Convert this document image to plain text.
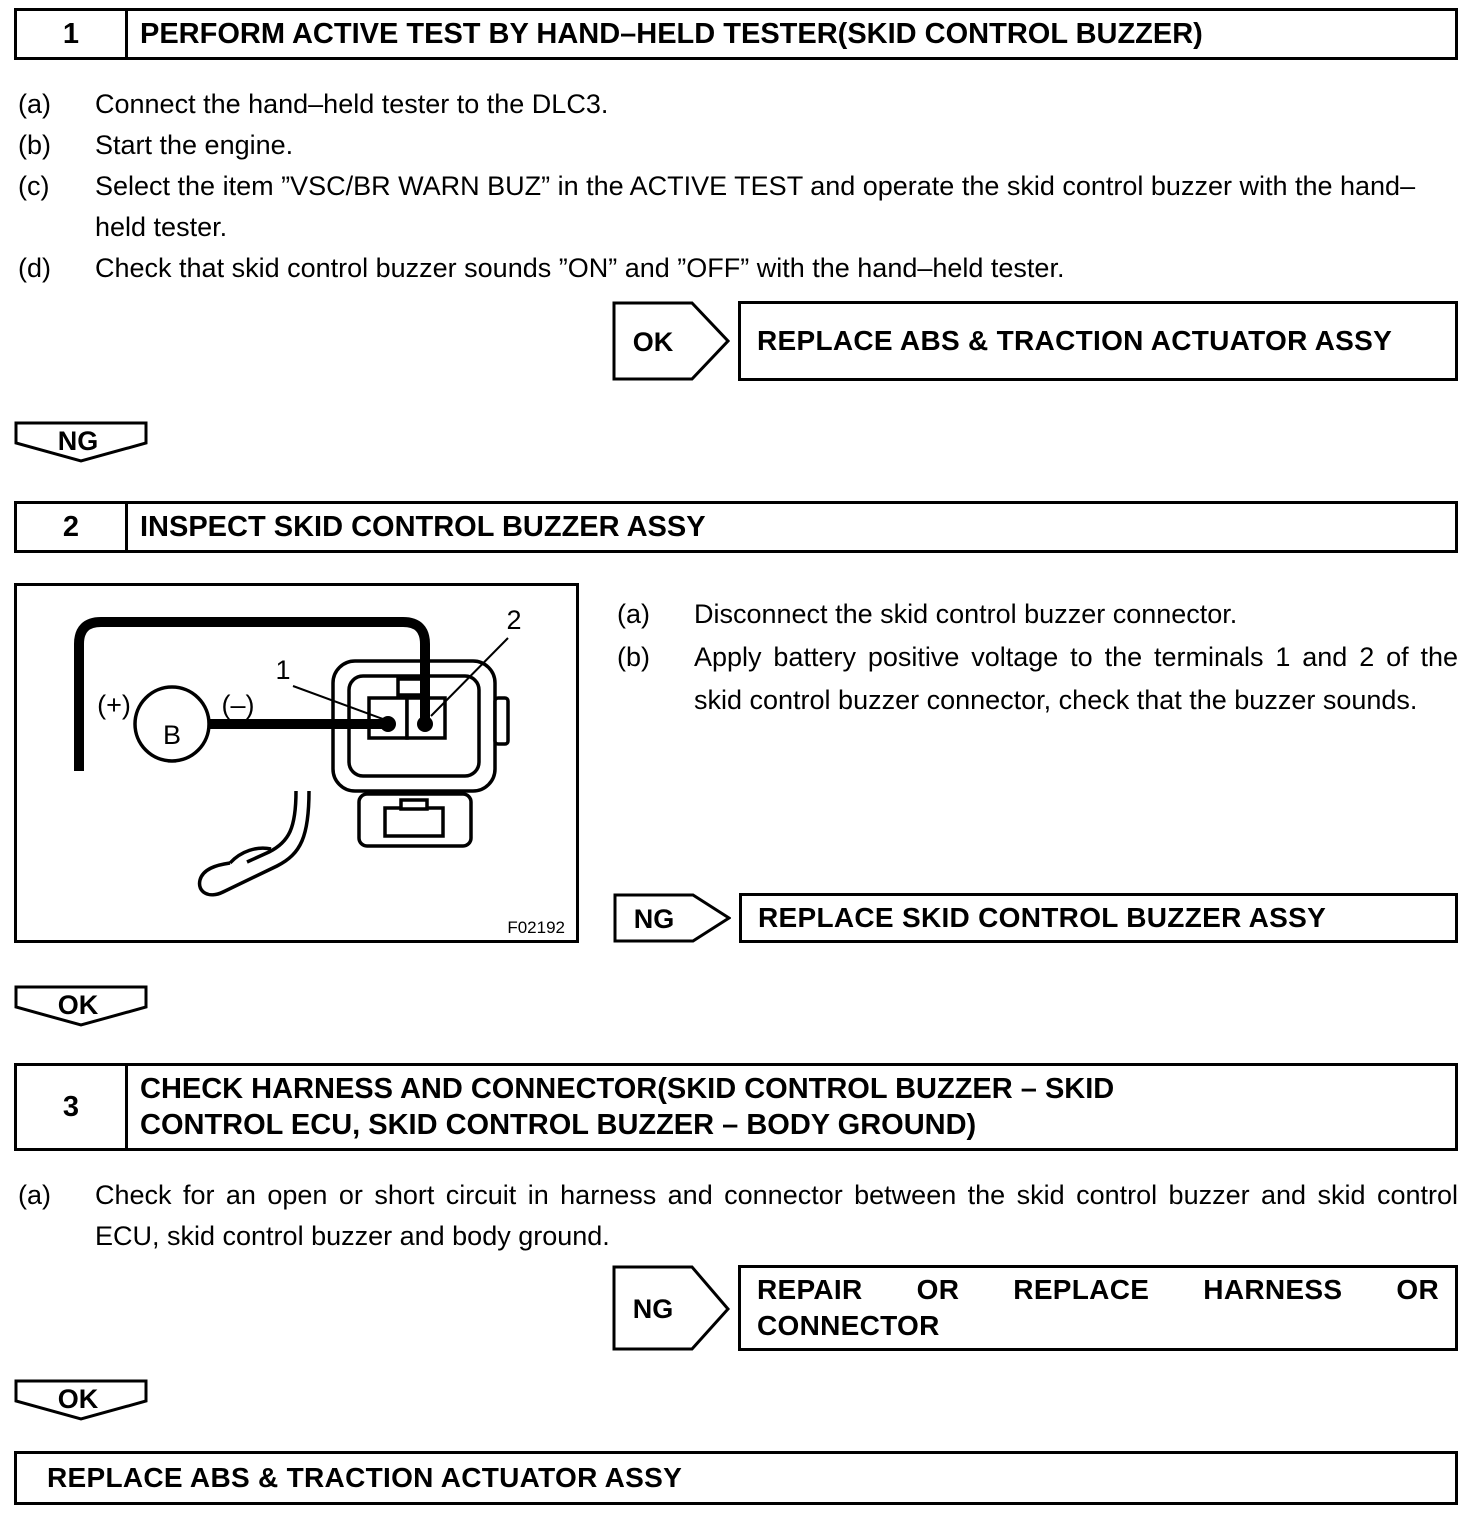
1	PERFORM ACTIVE TEST BY HAND–HELD TESTER(SKID CONTROL BUZZER)
(a)	Connect the hand–held tester to the DLC3.
(b)	Start the engine.
(c)	Select the item ”VSC/BR WARN BUZ” in the ACTIVE TEST and operate the skid control buzzer with the hand–held tester.
(d)	Check that skid control buzzer sounds ”ON” and ”OFF” with the hand–held tester.
OK	REPLACE ABS & TRACTION ACTUATOR ASSY
NG
2	INSPECT SKID CONTROL BUZZER ASSY
B
(+)	(–)
1
2
F02192
(a)	Disconnect the skid control buzzer connector.
(b)	Apply battery positive voltage to the terminals 1 and 2 of the skid control buzzer connector, check that the buzzer sounds.
NG	REPLACE SKID CONTROL BUZZER ASSY
OK
3
CHECK HARNESS AND CONNECTOR(SKID CONTROL BUZZER – SKID CONTROL ECU, SKID CONTROL BUZZER – BODY GROUND)
(a)	Check for an open or short circuit in harness and connector between the skid control buzzer and skid control ECU, skid control buzzer and body ground.
NG
REPAIR OR REPLACE HARNESS OR
CONNECTOR
OK
REPLACE ABS & TRACTION ACTUATOR ASSY
